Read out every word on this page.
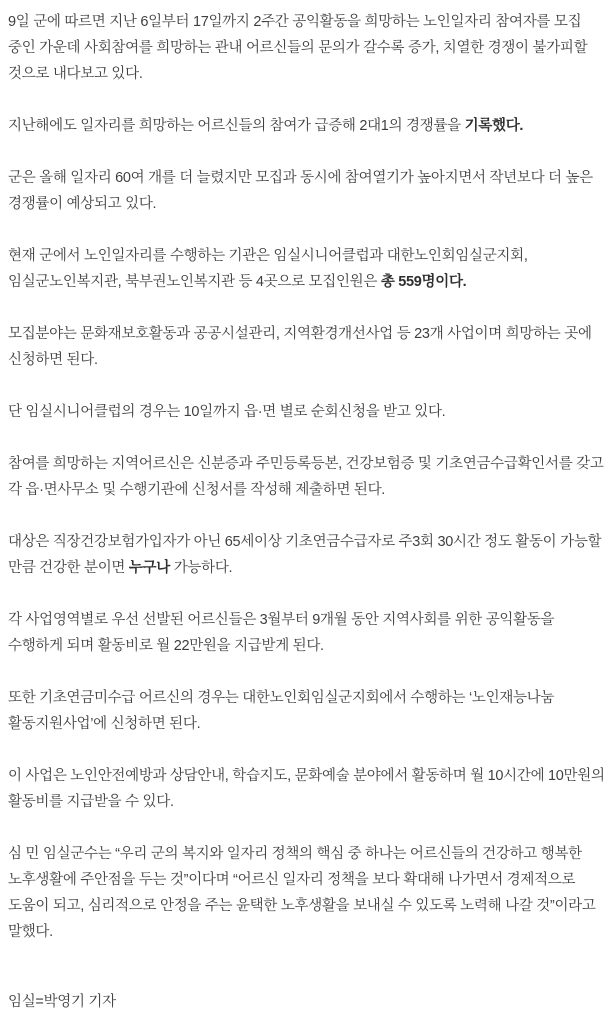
9일 군에 따르면 지난 6일부터 17일까지 2주간 공익활동을 희망하는 노인일자리 참여자를 모집 중인 가운데 사회참여를 희망하는 관내 어르신들의 문의가 갈수록 증가, 치열한 경쟁이 불가피할 것으로 내다보고 있다.

지난해에도 일자리를 희망하는 어르신들의 참여가 급증해 2대1의 경쟁률을 기록했다.

군은 올해 일자리 60여 개를 더 늘렸지만 모집과 동시에 참여열기가 높아지면서 작년보다 더 높은 경쟁률이 예상되고 있다.

현재 군에서 노인일자리를 수행하는 기관은 임실시니어클럽과 대한노인회임실군지회, 임실군노인복지관, 북부권노인복지관 등 4곳으로 모집인원은 총 559명이다.

모집분야는 문화재보호활동과 공공시설관리, 지역환경개선사업 등 23개 사업이며 희망하는 곳에 신청하면 된다.

단 임실시니어클럽의 경우는 10일까지 읍·면 별로 순회신청을 받고 있다.

참여를 희망하는 지역어르신은 신분증과 주민등록등본, 건강보험증 및 기초연금수급확인서를 갖고 각 읍·면사무소 및 수행기관에 신청서를 작성해 제출하면 된다.

대상은 직장건강보험가입자가 아닌 65세이상 기초연금수급자로 주3회 30시간 정도 활동이 가능할 만큼 건강한 분이면 누구나 가능하다.

각 사업영역별로 우선 선발된 어르신들은 3월부터 9개월 동안 지역사회를 위한 공익활동을 수행하게 되며 활동비로 월 22만원을 지급받게 된다.

또한 기초연금미수급 어르신의 경우는 대한노인회임실군지회에서 수행하는 ‘노인재능나눔 활동지원사업’에 신청하면 된다.

이 사업은 노인안전예방과 상담안내, 학습지도, 문화예술 분야에서 활동하며 월 10시간에 10만원의 활동비를 지급받을 수 있다.

심 민 임실군수는 “우리 군의 복지와 일자리 정책의 핵심 중 하나는 어르신들의 건강하고 행복한 노후생활에 주안점을 두는 것”이다며 “어르신 일자리 정책을 보다 확대해 나가면서 경제적으로 도움이 되고, 심리적으로 안정을 주는 윤택한 노후생활을 보내실 수 있도록 노력해 나갈 것”이라고 말했다.

임실=박영기 기자
